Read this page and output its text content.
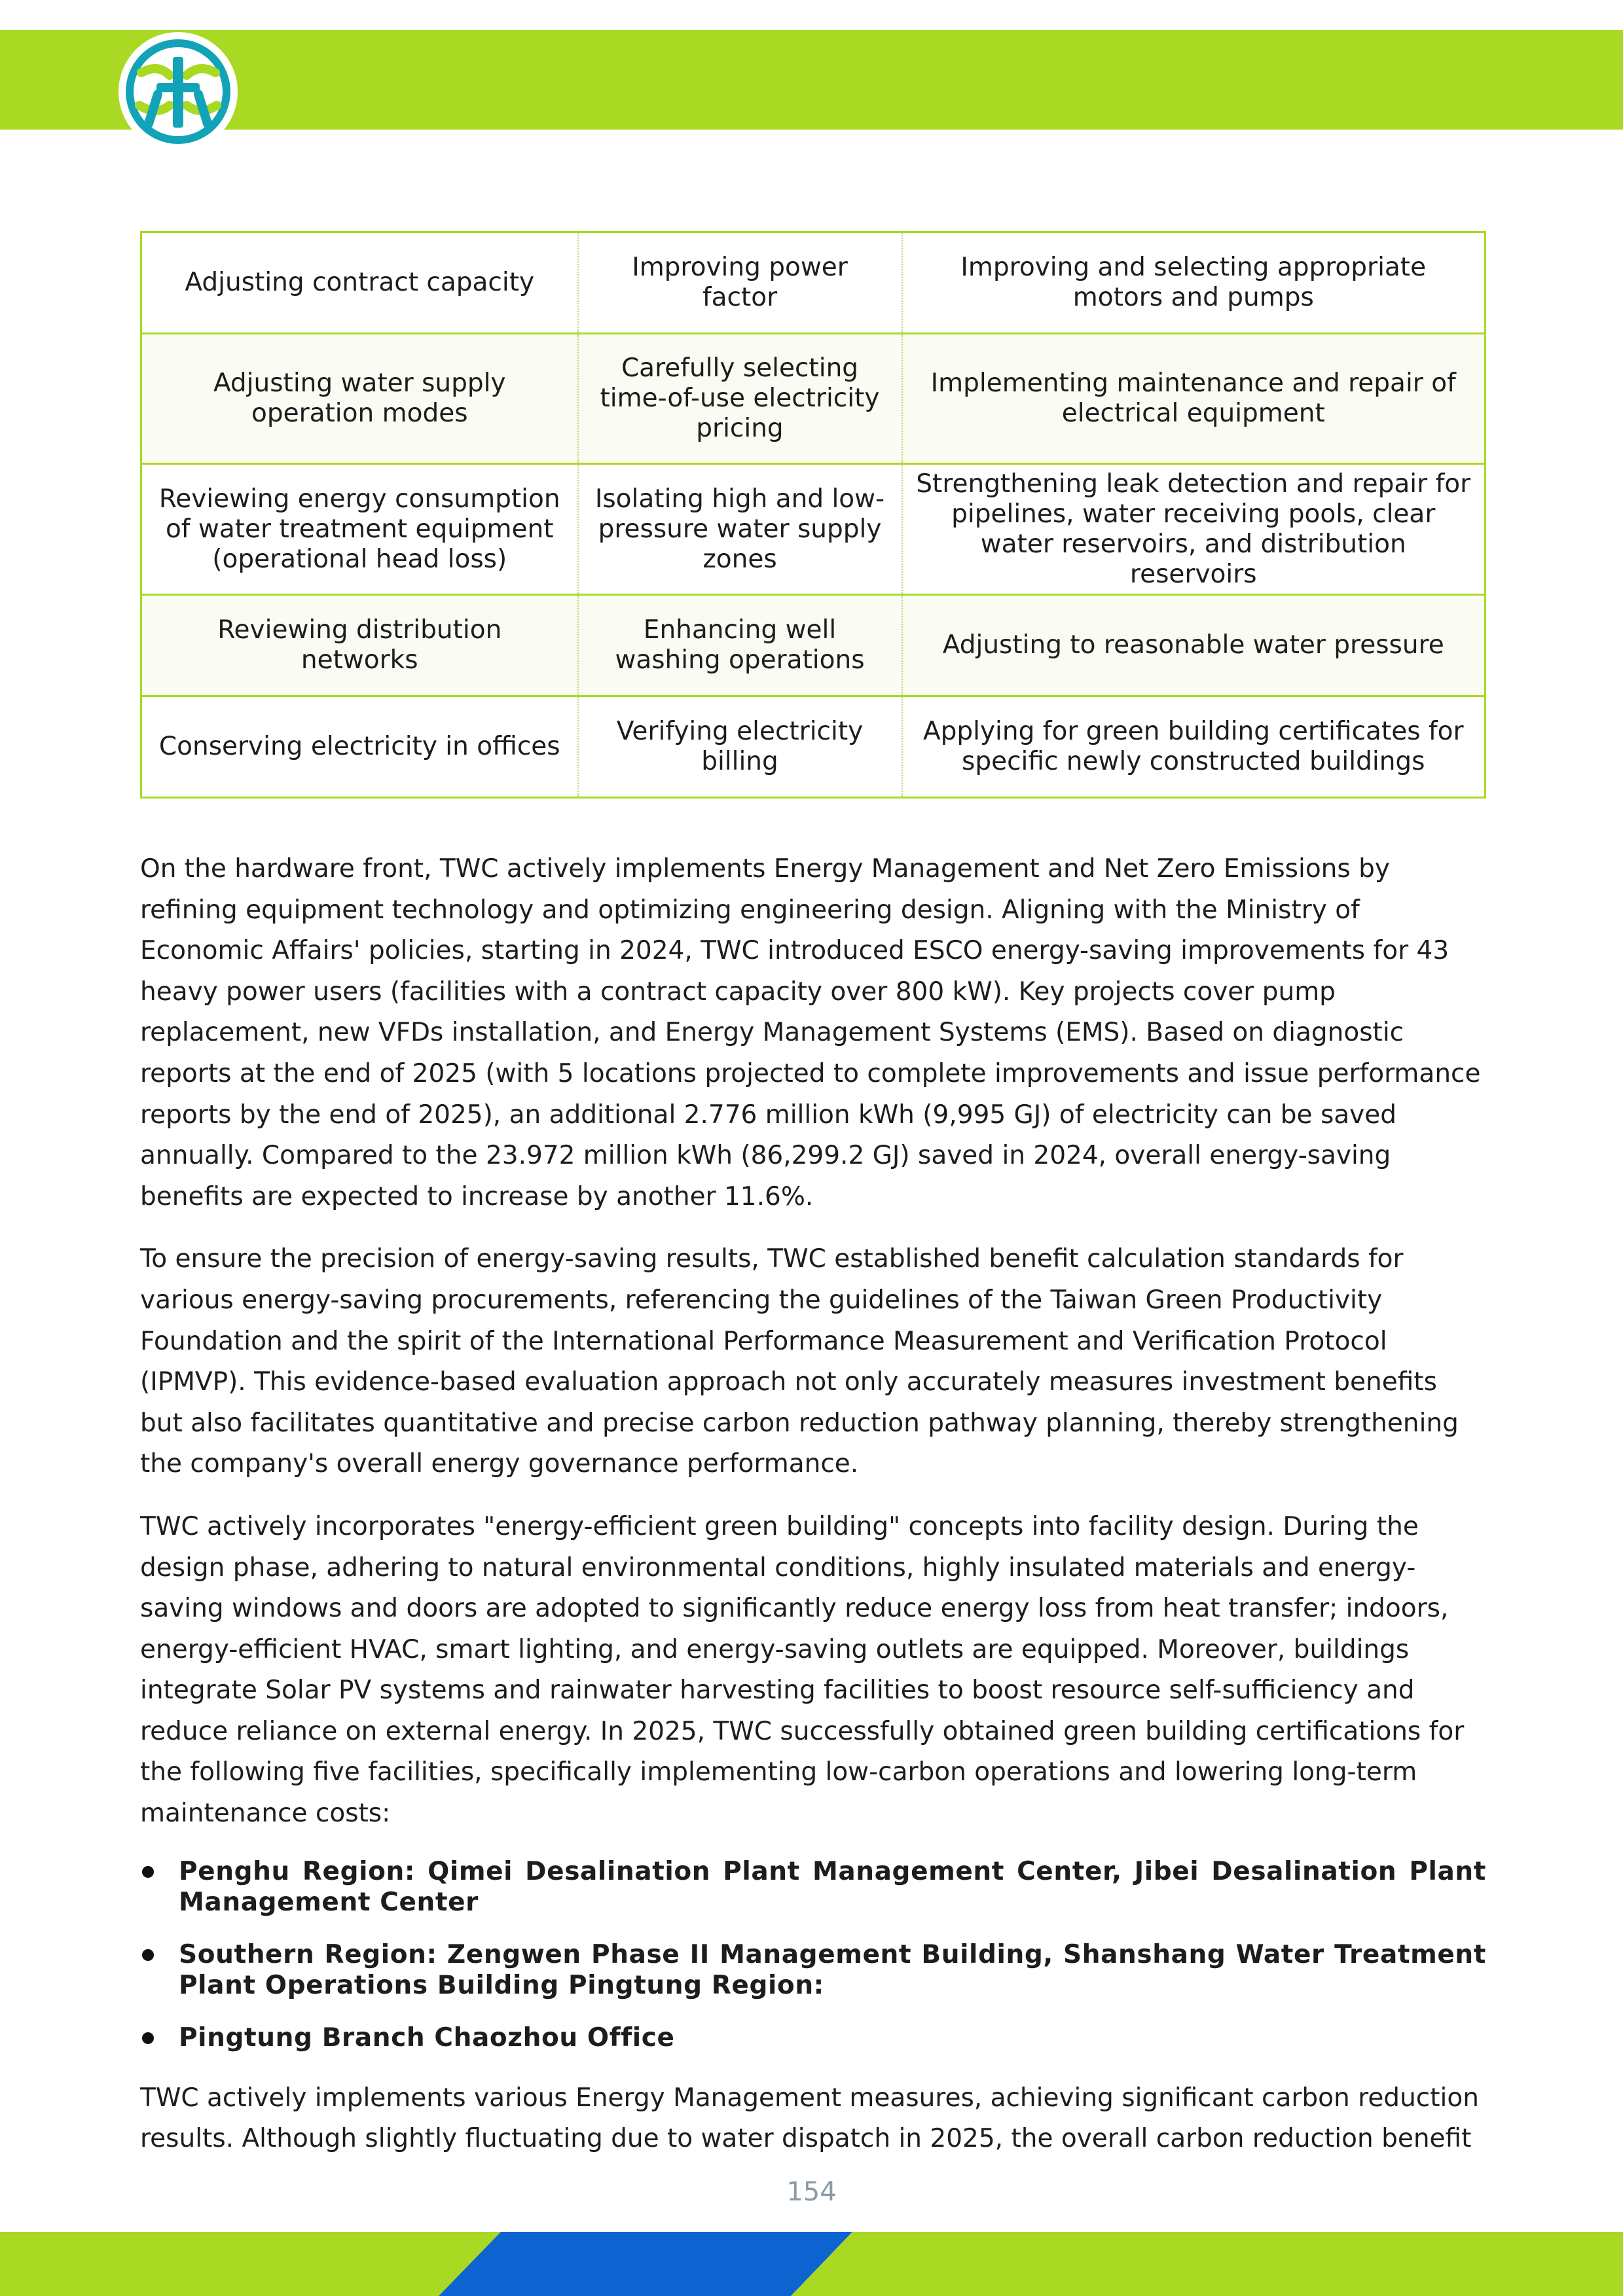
Adjusting contract capacity	Improving power factor	Improving and selecting appropriate motors and pumps
Adjusting water supply operation modes	Carefully selecting time-of-use electricity pricing	Implementing maintenance and repair of electrical equipment
Reviewing energy consumption of water treatment equipment (operational head loss)	Isolating high and low-pressure water supply zones	Strengthening leak detection and repair for pipelines, water receiving pools, clear water reservoirs, and distribution reservoirs
Reviewing distribution networks	Enhancing well washing operations	Adjusting to reasonable water pressure
Conserving electricity in offices	Verifying electricity billing	Applying for green building certificates for specific newly constructed buildings

On the hardware front, TWC actively implements Energy Management and Net Zero Emissions by refining equipment technology and optimizing engineering design. Aligning with the Ministry of Economic Affairs' policies, starting in 2024, TWC introduced ESCO energy-saving improvements for 43 heavy power users (facilities with a contract capacity over 800 kW). Key projects cover pump replacement, new VFDs installation, and Energy Management Systems (EMS). Based on diagnostic reports at the end of 2025 (with 5 locations projected to complete improvements and issue performance reports by the end of 2025), an additional 2.776 million kWh (9,995 GJ) of electricity can be saved annually. Compared to the 23.972 million kWh (86,299.2 GJ) saved in 2024, overall energy-saving benefits are expected to increase by another 11.6%.

To ensure the precision of energy-saving results, TWC established benefit calculation standards for various energy-saving procurements, referencing the guidelines of the Taiwan Green Productivity Foundation and the spirit of the International Performance Measurement and Verification Protocol (IPMVP). This evidence-based evaluation approach not only accurately measures investment benefits but also facilitates quantitative and precise carbon reduction pathway planning, thereby strengthening the company's overall energy governance performance.

TWC actively incorporates "energy-efficient green building" concepts into facility design. During the design phase, adhering to natural environmental conditions, highly insulated materials and energy-saving windows and doors are adopted to significantly reduce energy loss from heat transfer; indoors, energy-efficient HVAC, smart lighting, and energy-saving outlets are equipped. Moreover, buildings integrate Solar PV systems and rainwater harvesting facilities to boost resource self-sufficiency and reduce reliance on external energy. In 2025, TWC successfully obtained green building certifications for the following five facilities, specifically implementing low-carbon operations and lowering long-term maintenance costs:

Penghu Region: Qimei Desalination Plant Management Center, Jibei Desalination Plant Management Center
Southern Region: Zengwen Phase II Management Building, Shanshang Water Treatment Plant Operations Building Pingtung Region:
Pingtung Branch Chaozhou Office

TWC actively implements various Energy Management measures, achieving significant carbon reduction results. Although slightly fluctuating due to water dispatch in 2025, the overall carbon reduction benefit

154
